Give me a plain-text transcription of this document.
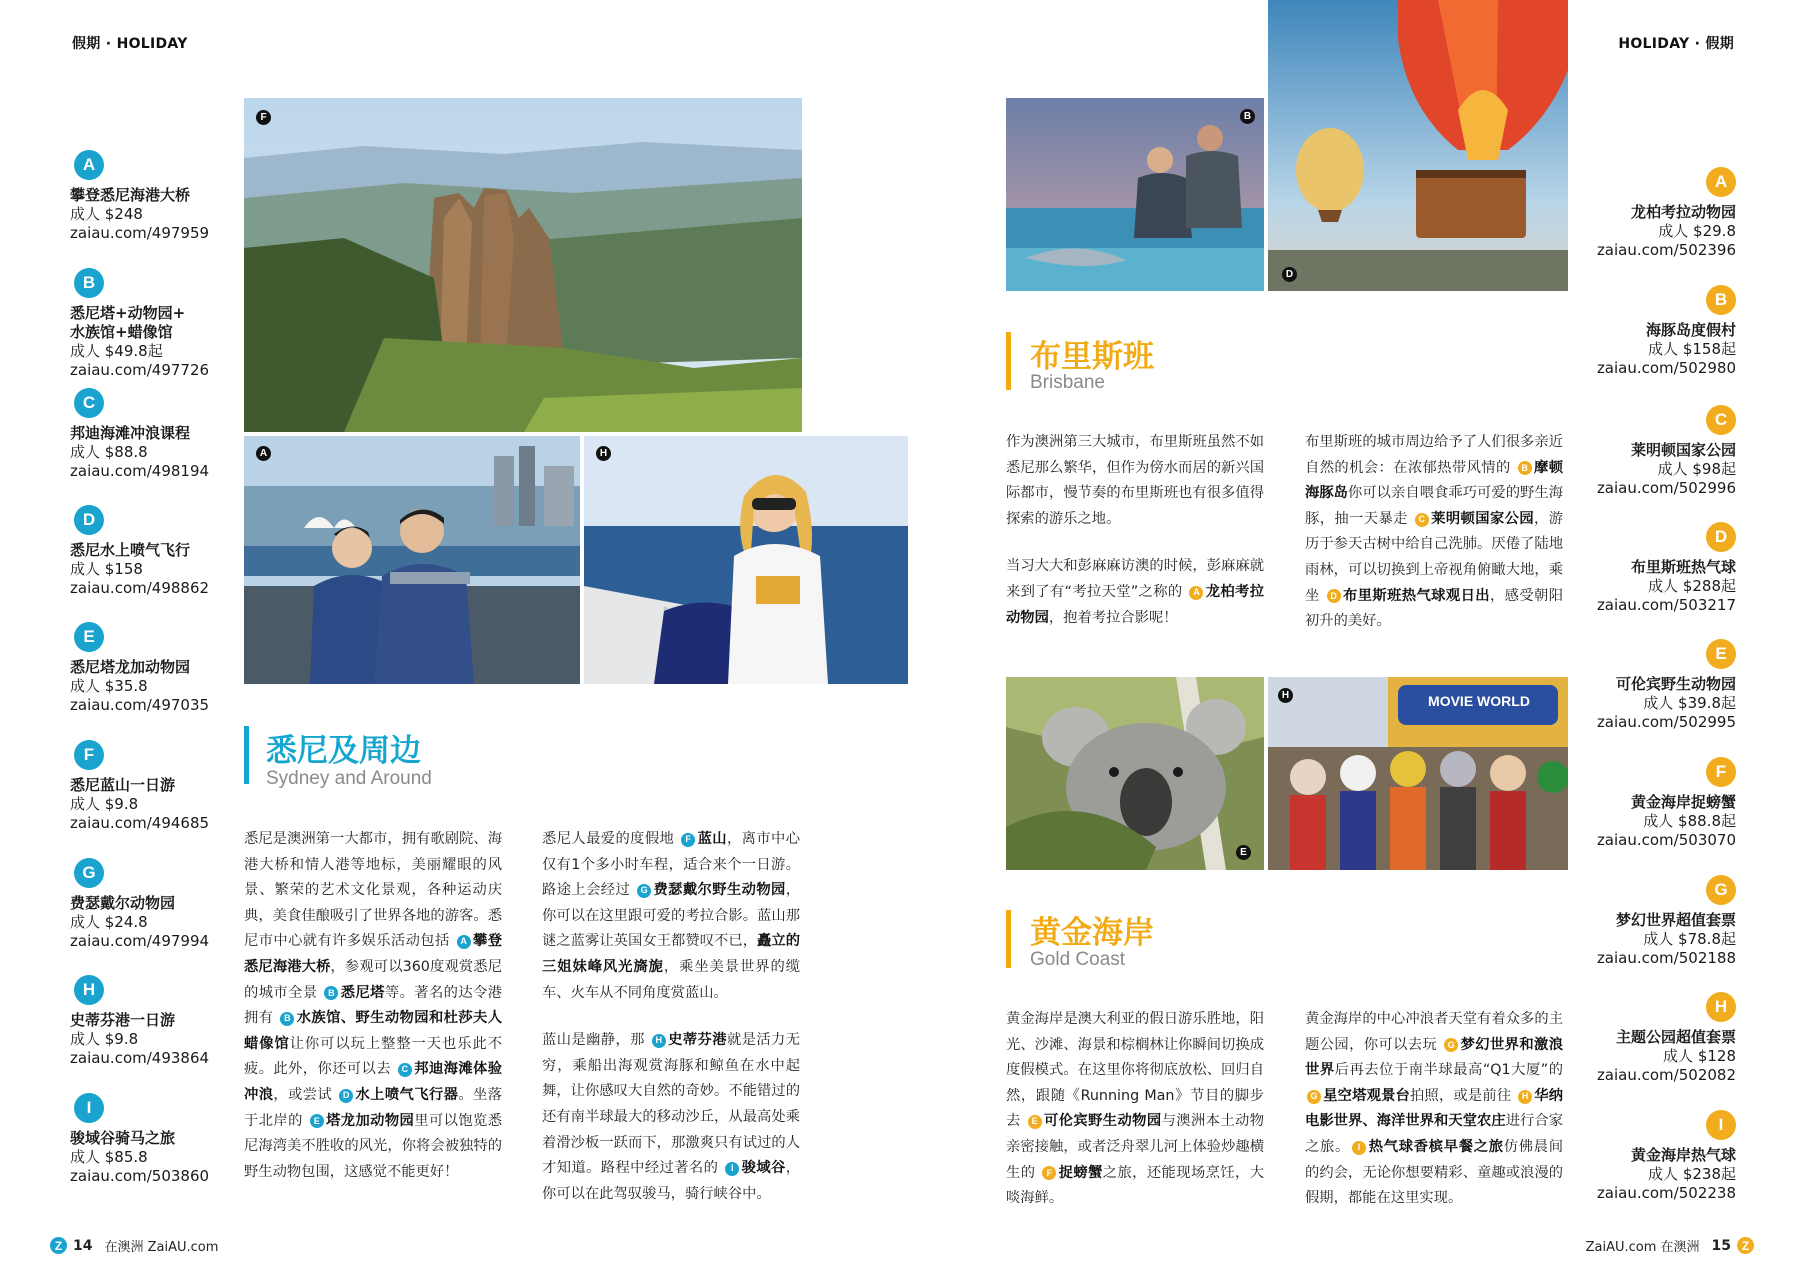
假期 · HOLIDAY	HOLIDAY · 假期
A
攀登悉尼海港大桥
成人 $248
zaiau.com/497959
B
悉尼塔+动物园+
水族馆+蜡像馆
成人 $49.8起
zaiau.com/497726
C
邦迪海滩冲浪课程
成人 $88.8
zaiau.com/498194
D
悉尼水上喷气飞行
成人 $158
zaiau.com/498862
E
悉尼塔龙加动物园
成人 $35.8
zaiau.com/497035
F
悉尼蓝山一日游
成人 $9.8
zaiau.com/494685
G
费瑟戴尔动物园
成人 $24.8
zaiau.com/497994
H
史蒂芬港一日游
成人 $9.8
zaiau.com/493864
I
骏域谷骑马之旅
成人 $85.8
zaiau.com/503860
A
龙柏考拉动物园
成人 $29.8
zaiau.com/502396
B
海豚岛度假村
成人 $158起
zaiau.com/502980
C
莱明顿国家公园
成人 $98起
zaiau.com/502996
D
布里斯班热气球
成人 $288起
zaiau.com/503217
E
可伦宾野生动物园
成人 $39.8起
zaiau.com/502995
F
黄金海岸捉螃蟹
成人 $88.8起
zaiau.com/503070
G
梦幻世界超值套票
成人 $78.8起
zaiau.com/502188
H
主题公园超值套票
成人 $128
zaiau.com/502082
I
黄金海岸热气球
成人 $238起
zaiau.com/502238
F
A	H
B
D
E
MOVIE WORLD
H
悉尼及周边
Sydney and Around
布里斯班
Brisbane
黄金海岸
Gold Coast

悉尼是澳洲第一大都市，拥有歌剧院、海港大桥和情人港等地标，美丽耀眼的风景、繁荣的艺术文化景观，各种运动庆典，美食佳酿吸引了世界各地的游客。悉尼市中心就有许多娱乐活动包括 A 攀登悉尼海港大桥，参观可以360度观赏悉尼的城市全景 B 悉尼塔等。著名的达令港拥有 B 水族馆、野生动物园和杜莎夫人蜡像馆让你可以玩上整整一天也乐此不疲。此外，你还可以去 C 邦迪海滩体验冲浪，或尝试 D 水上喷气飞行器。坐落于北岸的 E 塔龙加动物园里可以饱览悉尼海湾美不胜收的风光，你将会被独特的野生动物包围，这感觉不能更好！

悉尼人最爱的度假地 F 蓝山，离市中心仅有1个多小时车程，适合来个一日游。路途上会经过 G 费瑟戴尔野生动物园，你可以在这里跟可爱的考拉合影。蓝山那谜之蓝雾让英国女王都赞叹不已，矗立的三姐妹峰风光旖旎，乘坐美景世界的缆车、火车从不同角度赏蓝山。

蓝山是幽静，那 H 史蒂芬港就是活力无穷，乘船出海观赏海豚和鲸鱼在水中起舞，让你感叹大自然的奇妙。不能错过的还有南半球最大的移动沙丘，从最高处乘着滑沙板一跃而下，那激爽只有试过的人才知道。路程中经过著名的 I 骏域谷，你可以在此驾驭骏马，骑行峡谷中。

作为澳洲第三大城市，布里斯班虽然不如悉尼那么繁华，但作为傍水而居的新兴国际都市，慢节奏的布里斯班也有很多值得探索的游乐之地。

当习大大和彭麻麻访澳的时候，彭麻麻就来到了有“考拉天堂”之称的 A 龙柏考拉动物园，抱着考拉合影呢！

布里斯班的城市周边给予了人们很多亲近自然的机会：在浓郁热带风情的 B 摩顿海豚岛你可以亲自喂食乖巧可爱的野生海豚，抽一天暴走 C 莱明顿国家公园，游历于参天古树中给自己洗肺。厌倦了陆地雨林，可以切换到上帝视角俯瞰大地，乘坐 D 布里斯班热气球观日出，感受朝阳初升的美好。

黄金海岸是澳大利亚的假日游乐胜地，阳光、沙滩、海景和棕榈林让你瞬间切换成度假模式。在这里你将彻底放松、回归自然，跟随《Running Man》节目的脚步去 E 可伦宾野生动物园与澳洲本土动物亲密接触，或者泛舟翠儿河上体验炒趣横生的 F 捉螃蟹之旅，还能现场烹饪，大啖海鲜。

黄金海岸的中心冲浪者天堂有着众多的主题公园，你可以去玩 G 梦幻世界和激浪世界后再去位于南半球最高“Q1大厦”的 G 星空塔观景台拍照，或是前往 H 华纳电影世界、海洋世界和天堂农庄进行合家之旅。 I 热气球香槟早餐之旅仿佛晨间的约会，无论你想要精彩、童趣或浪漫的假期，都能在这里实现。

Z 14 在澳洲 ZaiAU.com	ZaiAU.com 在澳洲 15 Z
